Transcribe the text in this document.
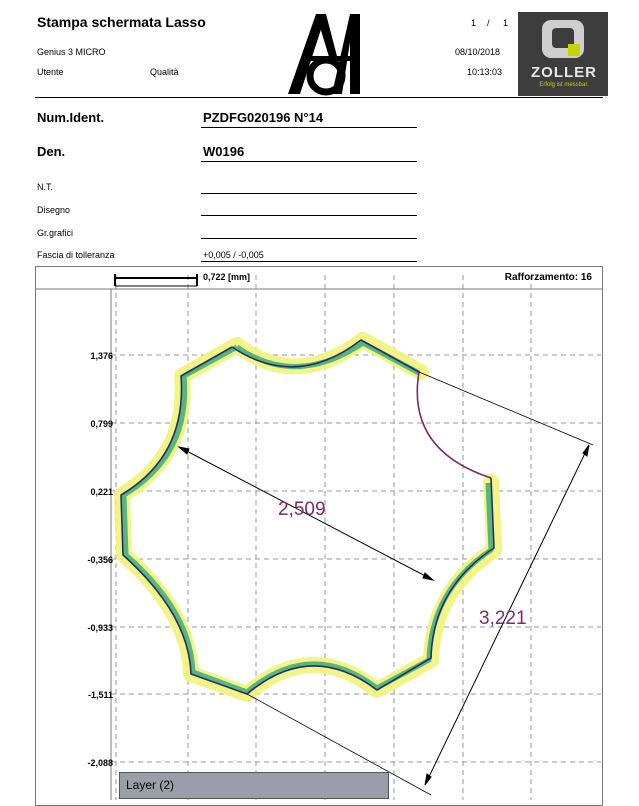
Stampa schermata Lasso
Genius 3 MICRO
Utente	Qualità
1 / 1
08/10/2018
10:13:03	ZOLLER
Erfolg ist messbar.
Num.Ident.	PZDFG020196 N°14
Den.	W0196
N.T.
Disegno
Gr.grafici
Fascia di tolleranza	+0,005 / -0,005
0,722 [mm]	Rafforzamento: 16
2,509
3,221
1,376
0,799
0,221
-0,356
-0,933
-1,511
-2,088
Layer (2)
